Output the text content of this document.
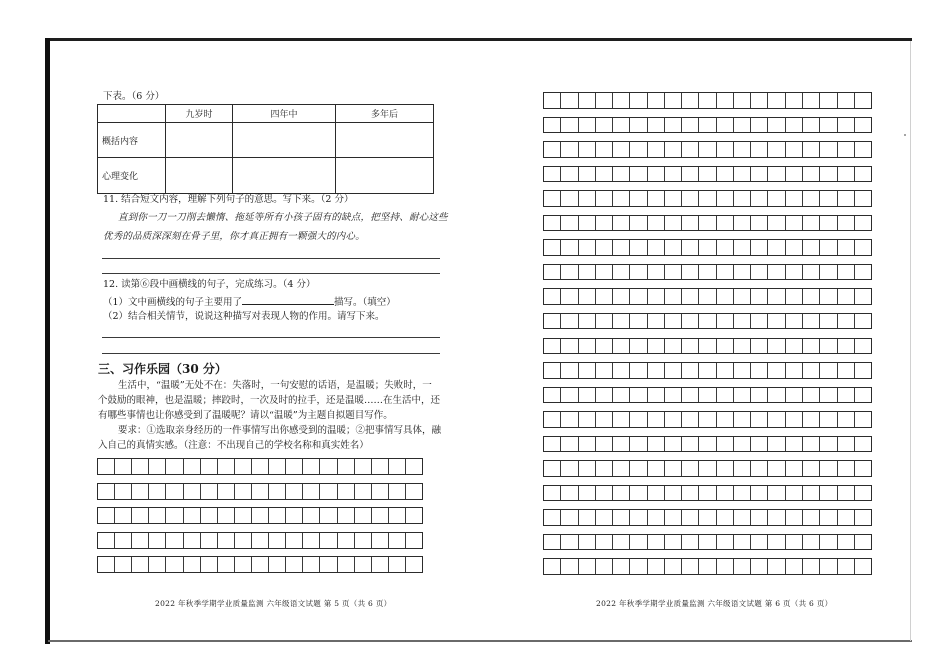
下表。（6 分）
	九岁时	四年中	多年后
概括内容			
心理变化			
11. 结合短文内容，理解下列句子的意思。写下来。（2 分）
直到你一刀一刀削去懒惰、拖延等所有小孩子固有的缺点，把坚持、耐心这些
优秀的品质深深刻在骨子里，你才真正拥有一颗强大的内心。
12. 读第⑥段中画横线的句子，完成练习。（4 分）
（1）文中画横线的句子主要用了	描写。（填空）
（2）结合相关情节，说说这种描写对表现人物的作用。请写下来。
三、习作乐园（30 分）
生活中，“温暖”无处不在：失落时，一句安慰的话语，是温暖；失败时，一
个鼓励的眼神，也是温暖；摔跤时，一次及时的拉手，还是温暖……在生活中，还
有哪些事情也让你感受到了温暖呢？请以“温暖”为主题自拟题目写作。
要求：①选取亲身经历的一件事情写出你感受到的温暖；②把事情写具体，融
入自己的真情实感。（注意：不出现自己的学校名称和真实姓名）
2022 年秋季学期学业质量监测 六年级语文试题 第 5 页（共 6 页）	2022 年秋季学期学业质量监测 六年级语文试题 第 6 页（共 6 页）
